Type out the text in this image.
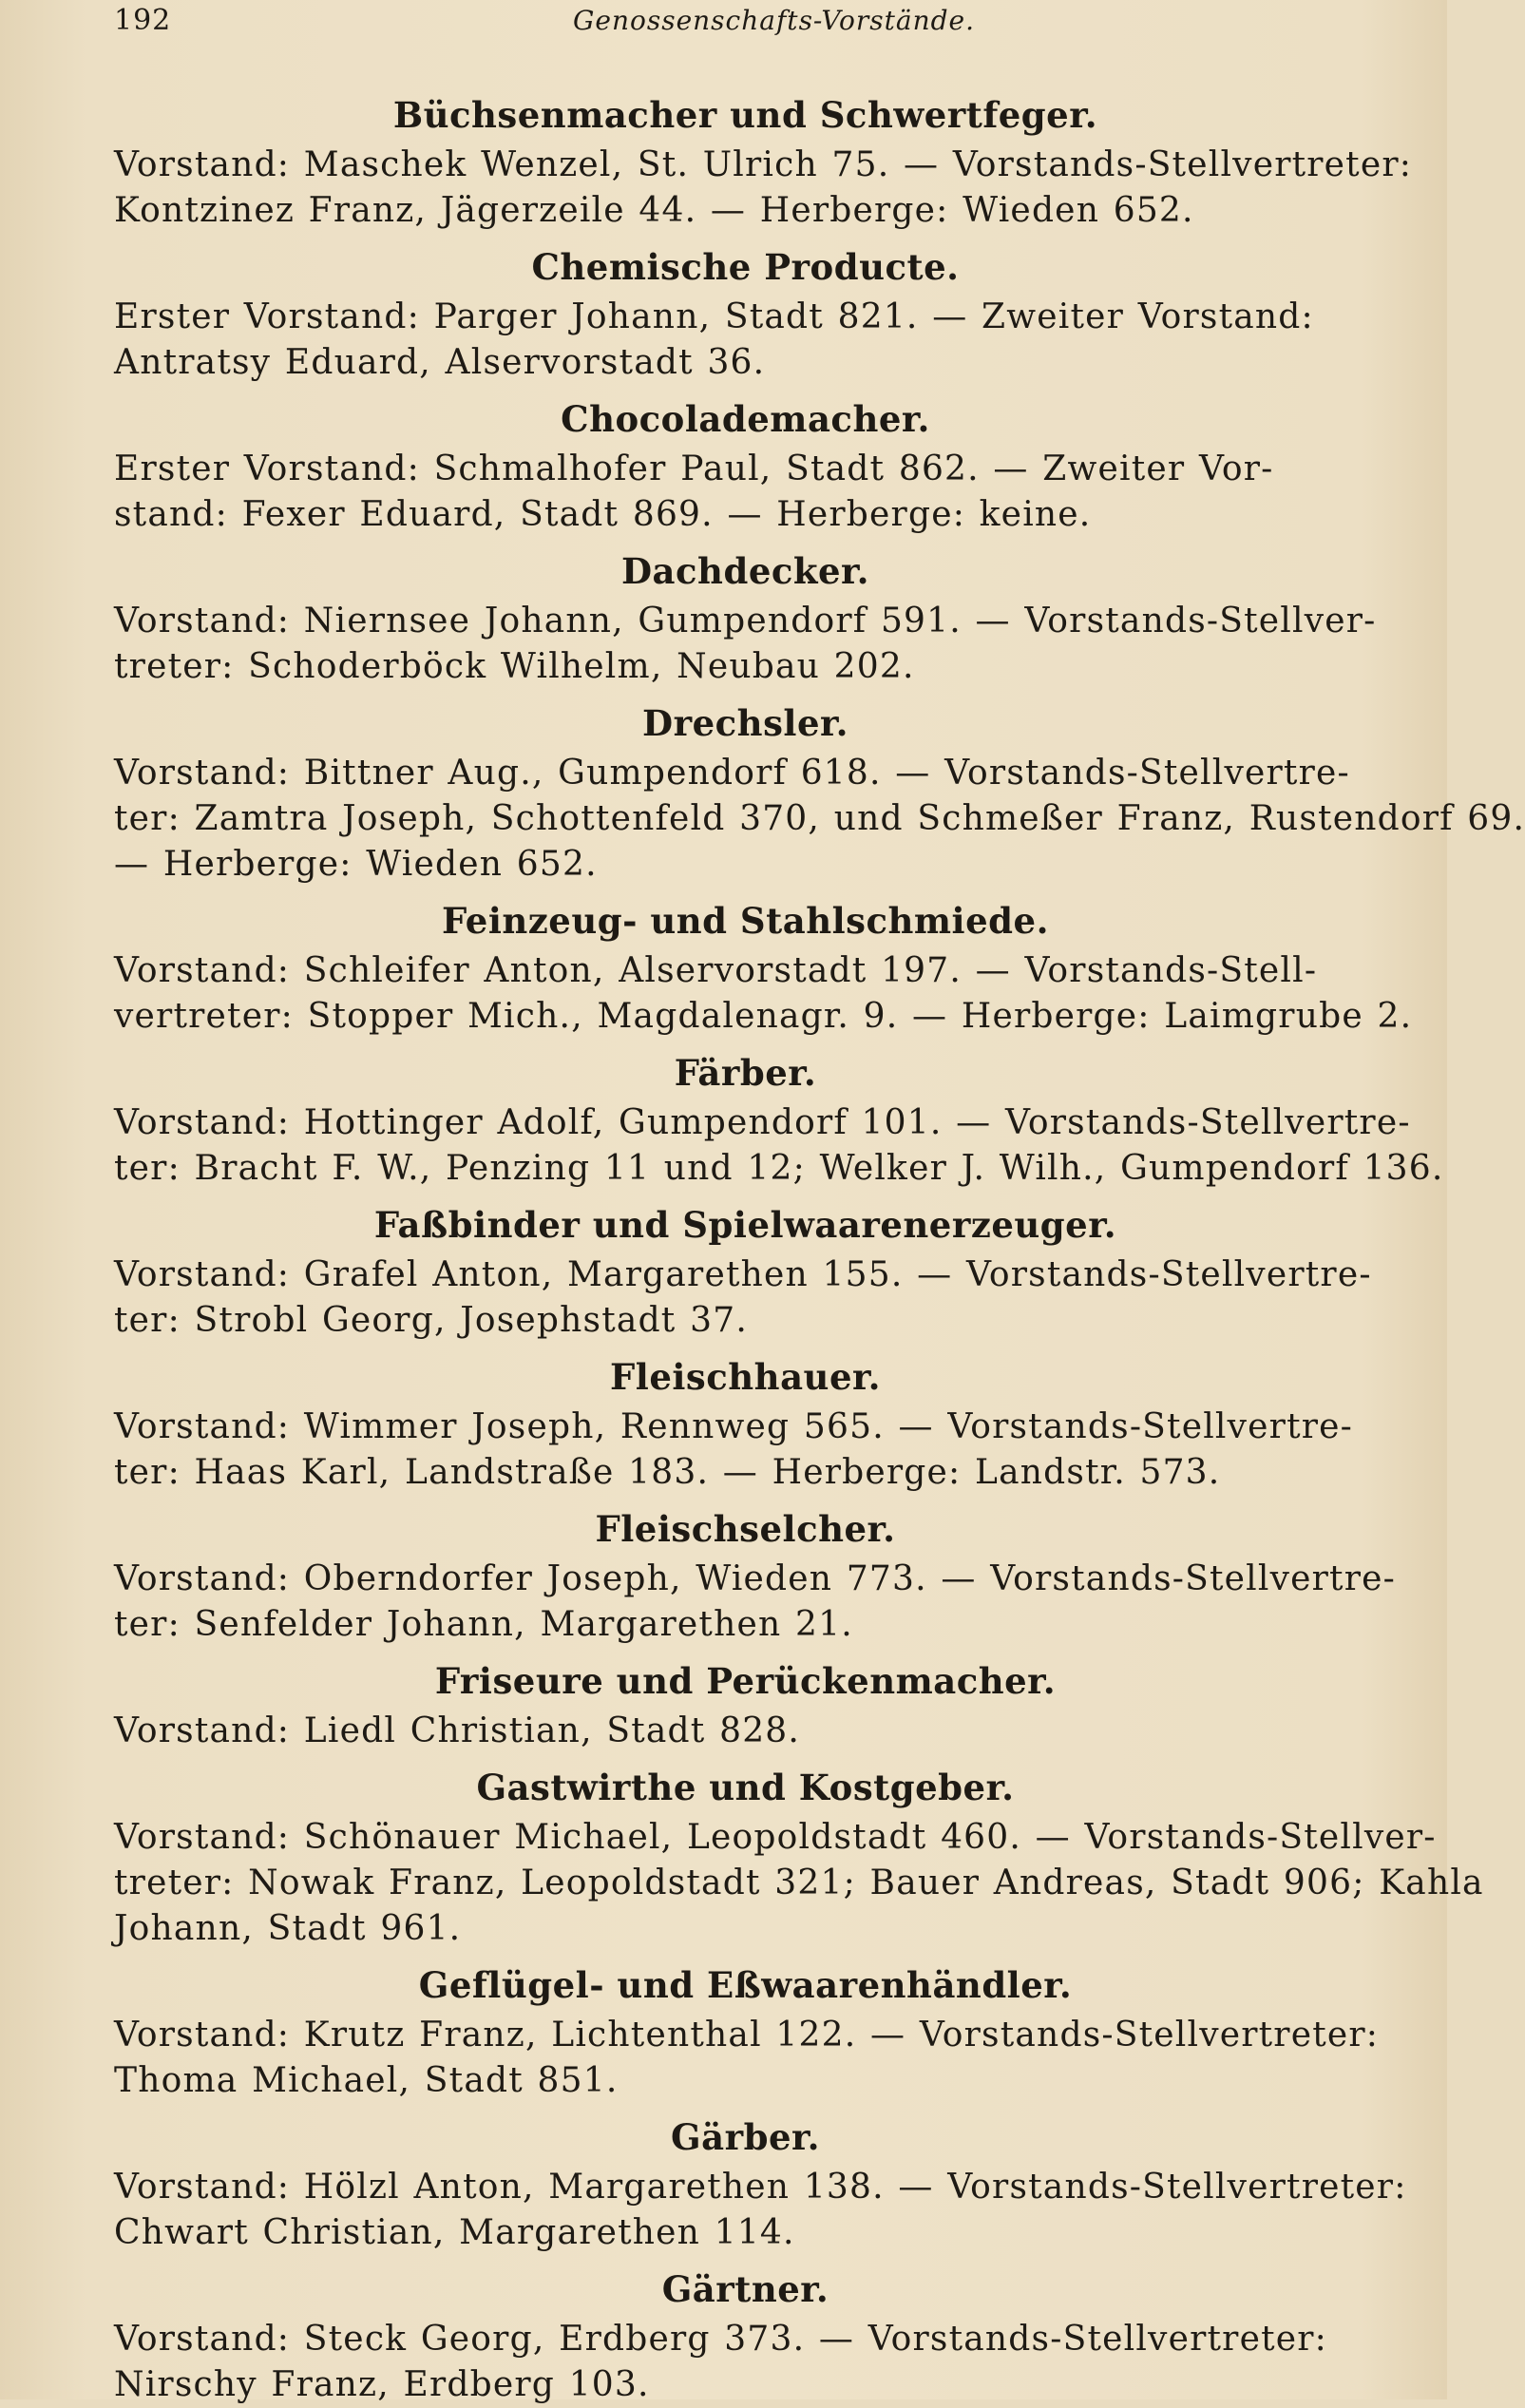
192	Genossenschafts-Vorstände.
Büchsenmacher und Schwertfeger.
Vorstand: Maschek Wenzel, St. Ulrich 75. — Vorstands-Stellvertreter:
Kontzinez Franz, Jägerzeile 44. — Herberge: Wieden 652.
Chemische Producte.
Erster Vorstand: Parger Johann, Stadt 821. — Zweiter Vorstand:
Antratsy Eduard, Alservorstadt 36.
Chocolademacher.
Erster Vorstand: Schmalhofer Paul, Stadt 862. — Zweiter Vor-
stand: Fexer Eduard, Stadt 869. — Herberge: keine.
Dachdecker.
Vorstand: Niernsee Johann, Gumpendorf 591. — Vorstands-Stellver-
treter: Schoderböck Wilhelm, Neubau 202.
Drechsler.
Vorstand: Bittner Aug., Gumpendorf 618. — Vorstands-Stellvertre-
ter: Zamtra Joseph, Schottenfeld 370, und Schmeßer Franz, Rustendorf 69.
— Herberge: Wieden 652.
Feinzeug- und Stahlschmiede.
Vorstand: Schleifer Anton, Alservorstadt 197. — Vorstands-Stell-
vertreter: Stopper Mich., Magdalenagr. 9. — Herberge: Laimgrube 2.
Färber.
Vorstand: Hottinger Adolf, Gumpendorf 101. — Vorstands-Stellvertre-
ter: Bracht F. W., Penzing 11 und 12; Welker J. Wilh., Gumpendorf 136.
Faßbinder und Spielwaarenerzeuger.
Vorstand: Grafel Anton, Margarethen 155. — Vorstands-Stellvertre-
ter: Strobl Georg, Josephstadt 37.
Fleischhauer.
Vorstand: Wimmer Joseph, Rennweg 565. — Vorstands-Stellvertre-
ter: Haas Karl, Landstraße 183. — Herberge: Landstr. 573.
Fleischselcher.
Vorstand: Oberndorfer Joseph, Wieden 773. — Vorstands-Stellvertre-
ter: Senfelder Johann, Margarethen 21.
Friseure und Perückenmacher.
Vorstand: Liedl Christian, Stadt 828.
Gastwirthe und Kostgeber.
Vorstand: Schönauer Michael, Leopoldstadt 460. — Vorstands-Stellver-
treter: Nowak Franz, Leopoldstadt 321; Bauer Andreas, Stadt 906; Kahla
Johann, Stadt 961.
Geflügel- und Eßwaarenhändler.
Vorstand: Krutz Franz, Lichtenthal 122. — Vorstands-Stellvertreter:
Thoma Michael, Stadt 851.
Gärber.
Vorstand: Hölzl Anton, Margarethen 138. — Vorstands-Stellvertreter:
Chwart Christian, Margarethen 114.
Gärtner.
Vorstand: Steck Georg, Erdberg 373. — Vorstands-Stellvertreter:
Nirschy Franz, Erdberg 103.
